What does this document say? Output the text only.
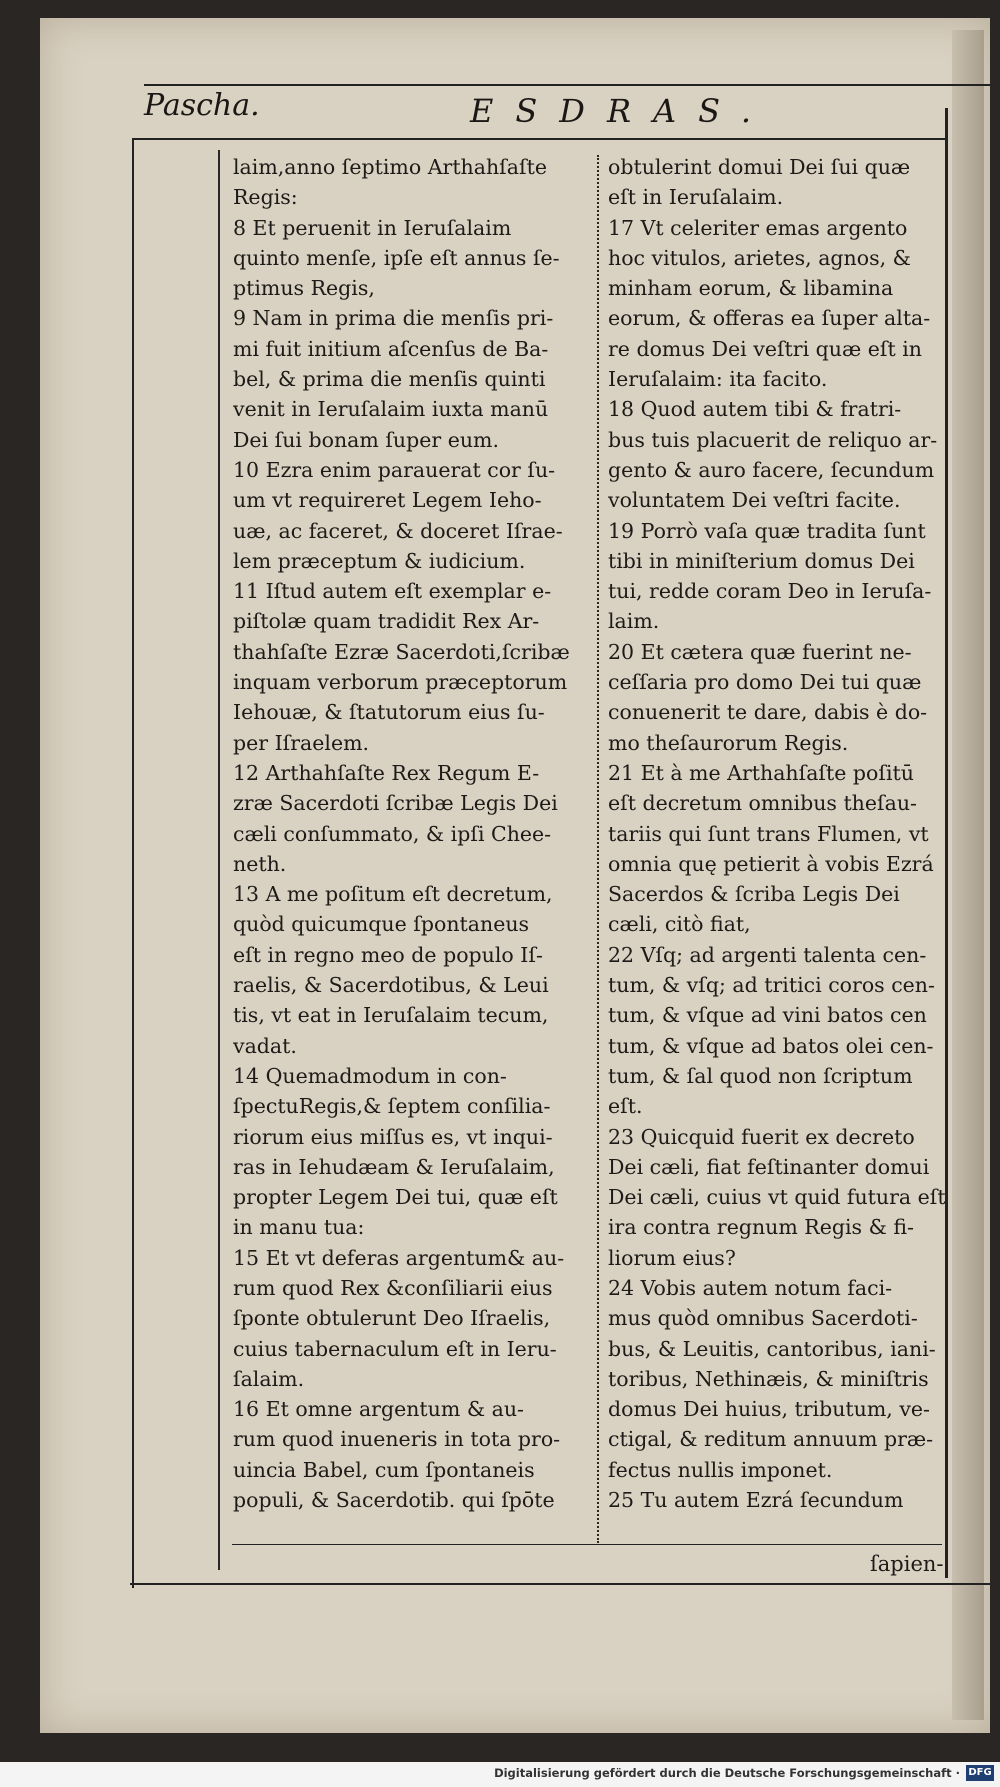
Pascha.	ESDRAS.
laim,anno ſeptimo Arthahſaſte
Regis:
8 Et peruenit in Ieruſalaim
quinto menſe, ipſe eſt annus ſe-
ptimus Regis,
9 Nam in prima die menſis pri-
mi fuit initium aſcenſus de Ba-
bel, & prima die menſis quinti
venit in Ieruſalaim iuxta manū
Dei ſui bonam ſuper eum.
10 Ezra enim parauerat cor ſu-
um vt requireret Legem Ieho-
uæ, ac faceret, & doceret Iſrae-
lem præceptum & iudicium.
11 Iſtud autem eſt exemplar e-
piſtolæ quam tradidit Rex Ar-
thahſaſte Ezræ Sacerdoti,ſcribæ
inquam verborum præceptorum
Iehouæ, & ſtatutorum eius ſu-
per Iſraelem.
12 Arthahſaſte Rex Regum E-
zræ Sacerdoti ſcribæ Legis Dei
cæli conſummato, & ipſi Chee-
neth.
13 A me poſitum eſt decretum,
quòd quicumque ſpontaneus
eſt in regno meo de populo Iſ-
raelis, & Sacerdotibus, & Leui
tis, vt eat in Ieruſalaim tecum,
vadat.
14 Quemadmodum in con-
ſpectuRegis,& ſeptem conſilia-
riorum eius miſſus es, vt inqui-
ras in Iehudæam & Ieruſalaim,
propter Legem Dei tui, quæ eſt
in manu tua:
15 Et vt deferas argentum& au-
rum quod Rex &conſiliarii eius
ſponte obtulerunt Deo Iſraelis,
cuius tabernaculum eſt in Ieru-
ſalaim.
16 Et omne argentum & au-
rum quod inueneris in tota pro-
uincia Babel, cum ſpontaneis
populi, & Sacerdotib. qui ſpōte
obtulerint domui Dei ſui quæ
eſt in Ieruſalaim.
17 Vt celeriter emas argento
hoc vitulos, arietes, agnos, &
minham eorum, & libamina
eorum, & offeras ea ſuper alta-
re domus Dei veſtri quæ eſt in
Ieruſalaim: ita facito.
18 Quod autem tibi & fratri-
bus tuis placuerit de reliquo ar-
gento & auro facere, ſecundum
voluntatem Dei veſtri facite.
19 Porrò vaſa quæ tradita ſunt
tibi in miniſterium domus Dei
tui, redde coram Deo in Ieruſa-
laim.
20 Et cætera quæ fuerint ne-
ceſſaria pro domo Dei tui quæ
conuenerit te dare, dabis è do-
mo theſaurorum Regis.
21 Et à me Arthahſaſte poſitū
eſt decretum omnibus theſau-
tariis qui ſunt trans Flumen, vt
omnia quę petierit à vobis Ezrá
Sacerdos & ſcriba Legis Dei
cæli, citò fiat,
22 Vſq; ad argenti talenta cen-
tum, & vſq; ad tritici coros cen-
tum, & vſque ad vini batos cen
tum, & vſque ad batos olei cen-
tum, & ſal quod non ſcriptum
eſt.
23 Quicquid fuerit ex decreto
Dei cæli, fiat feſtinanter domui
Dei cæli, cuius vt quid futura eſt
ira contra regnum Regis & fi-
liorum eius?
24 Vobis autem notum faci-
mus quòd omnibus Sacerdoti-
bus, & Leuitis, cantoribus, iani-
toribus, Nethinæis, & miniſtris
domus Dei huius, tributum, ve-
ctigal, & reditum annuum præ-
fectus nullis imponet.
25 Tu autem Ezrá ſecundum
ſapien-
Digitalisierung gefördert durch die Deutsche Forschungsgemeinschaft · DFG
